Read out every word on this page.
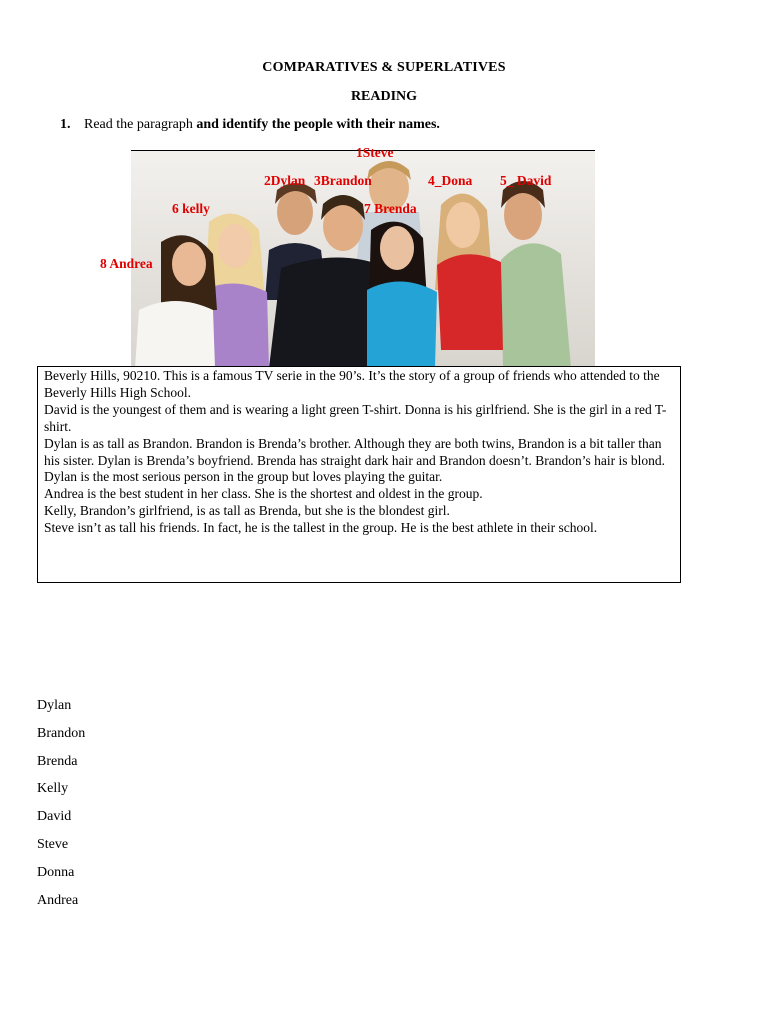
COMPARATIVES & SUPERLATIVES
READING
1. Read the paragraph and identify the people with their names.
1Steve
2Dylan 3Brandon	4_Dona 5_ David
6 kelly	7 Brenda
8 Andrea

Beverly Hills, 90210. This is a famous TV serie in the 90’s. It’s the story of a group of friends who attended to the Beverly Hills High School.

David is the youngest of them and is wearing a light green T-shirt. Donna is his girlfriend. She is the girl in a red T-shirt.

Dylan is as tall as Brandon. Brandon is Brenda’s brother. Although they are both twins, Brandon is a bit taller than his sister. Dylan is Brenda’s boyfriend. Brenda has straight dark hair and Brandon doesn’t. Brandon’s hair is blond. Dylan is the most serious person in the group but loves playing the guitar.

Andrea is the best student in her class. She is the shortest and oldest in the group.

Kelly, Brandon’s girlfriend, is as tall as Brenda, but she is the blondest girl.

Steve isn’t as tall his friends. In fact, he is the tallest in the group. He is the best athlete in their school.

Dylan
Brandon
Brenda
Kelly
David
Steve
Donna
Andrea
